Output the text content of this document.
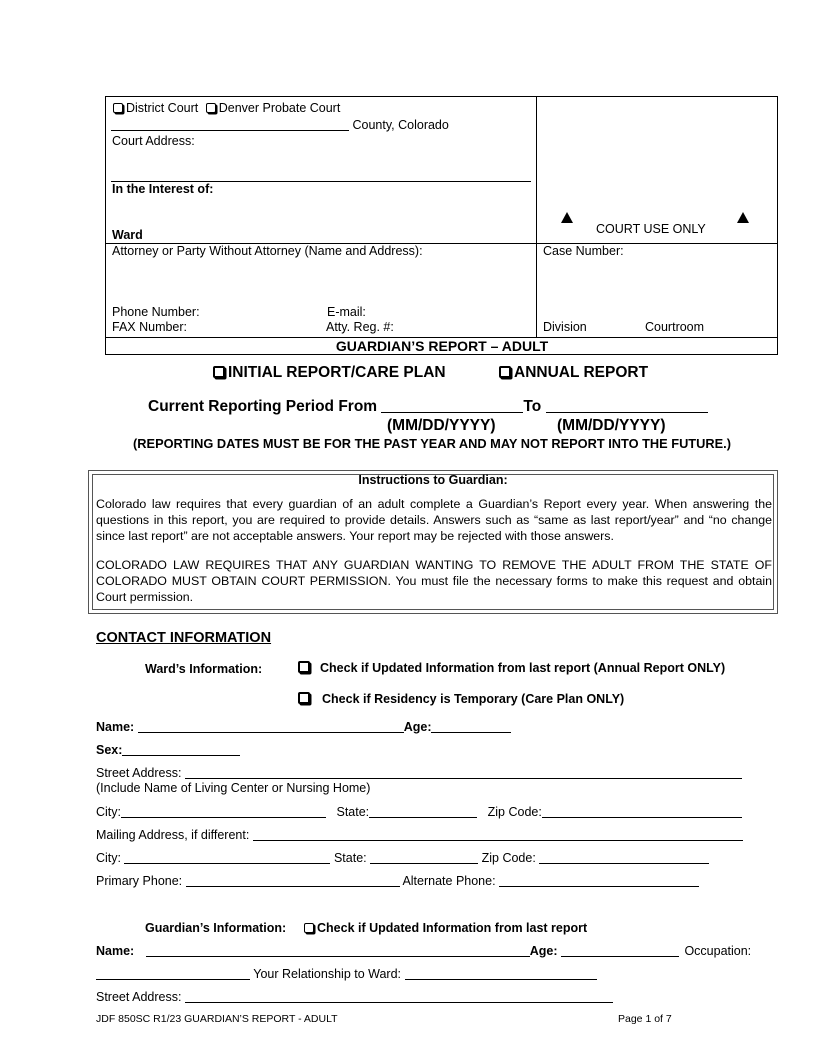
District Court Denver Probate Court
County, Colorado
Court Address:
In the Interest of:
Ward	COURT USE ONLY
Attorney or Party Without Attorney (Name and Address):	Case Number:
Phone Number:	E-mail:
FAX Number:	Atty. Reg. #:	Division	Courtroom
GUARDIAN’S REPORT – ADULT
INITIAL REPORT/CARE PLAN	ANNUAL REPORT
Current Reporting Period From	To
(MM/DD/YYYY)	(MM/DD/YYYY)
(REPORTING DATES MUST BE FOR THE PAST YEAR AND MAY NOT REPORT INTO THE FUTURE.)
Instructions to Guardian:
Colorado law requires that every guardian of an adult complete a Guardian’s Report every year. When answering the questions in this report, you are required to provide details. Answers such as “same as last report/year” and “no change since last report” are not acceptable answers. Your report may be rejected with those answers.
COLORADO LAW REQUIRES THAT ANY GUARDIAN WANTING TO REMOVE THE ADULT FROM THE STATE OF COLORADO MUST OBTAIN COURT PERMISSION. You must file the necessary forms to make this request and obtain Court permission.
CONTACT INFORMATION
Ward’s Information:	Check if Updated Information from last report (Annual Report ONLY)
Check if Residency is Temporary (Care Plan ONLY)
Name:	Age:
Sex:
Street Address:
(Include Name of Living Center or Nursing Home)
City:	State:	Zip Code:
Mailing Address, if different:
City:	State:	Zip Code:
Primary Phone:	Alternate Phone:
Guardian’s Information:	Check if Updated Information from last report
Name:	Age:	Occupation:
Your Relationship to Ward:
Street Address:
JDF 850SC R1/23 GUARDIAN’S REPORT - ADULT	Page 1 of 7
